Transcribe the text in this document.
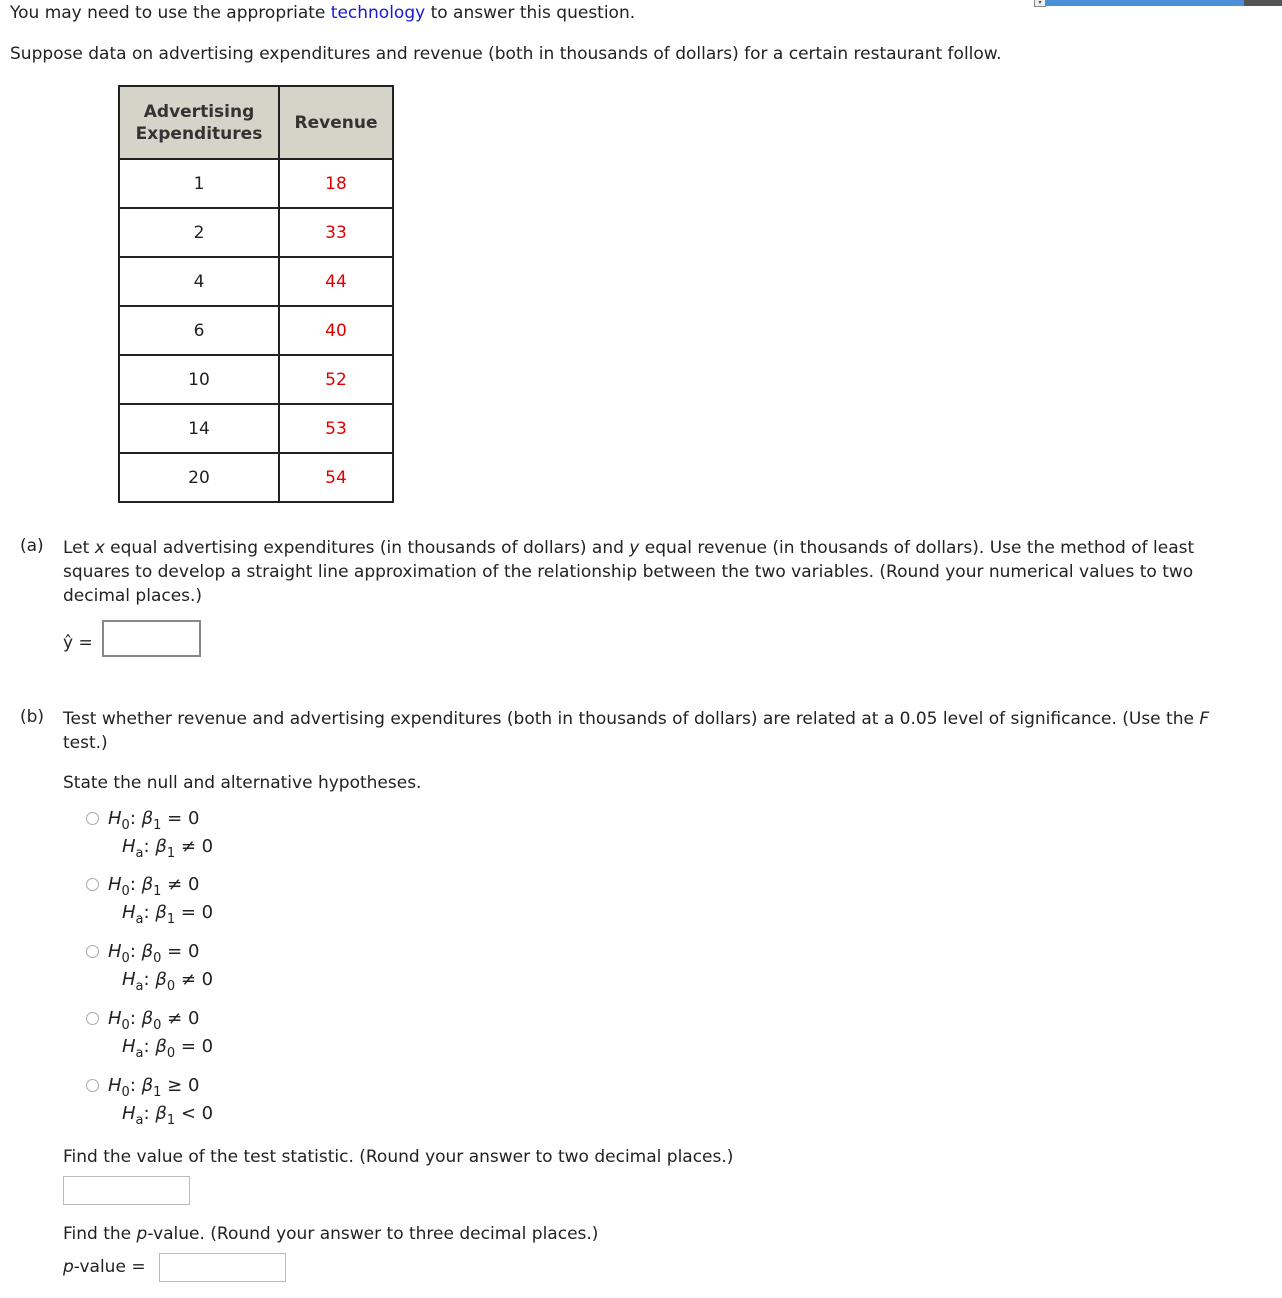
▾
You may need to use the appropriate technology to answer this question.
Suppose data on advertising expenditures and revenue (both in thousands of dollars) for a certain restaurant follow.
Advertising Expenditures	Revenue
1	18
2	33
4	44
6	40
10	52
14	53
20	54
(a) Let x equal advertising expenditures (in thousands of dollars) and y equal revenue (in thousands of dollars). Use the method of least squares to develop a straight line approximation of the relationship between the two variables. (Round your numerical values to two decimal places.)
ŷ =
(b) Test whether revenue and advertising expenditures (both in thousands of dollars) are related at a 0.05 level of significance. (Use the F test.)
State the null and alternative hypotheses.
$H_0$: $\beta_1 = 0$
$H_a$: $\beta_1 \ne 0$
$H_0$: $\beta_1 \ne 0$
$H_a$: $\beta_1 = 0$
$H_0$: $\beta_0 = 0$
$H_a$: $\beta_0 \ne 0$
$H_0$: $\beta_0 \ne 0$
$H_a$: $\beta_0 = 0$
$H_0$: $\beta_1 \ge 0$
$H_a$: $\beta_1 < 0$
Find the value of the test statistic. (Round your answer to two decimal places.)
Find the p-value. (Round your answer to three decimal places.)
p-value =
